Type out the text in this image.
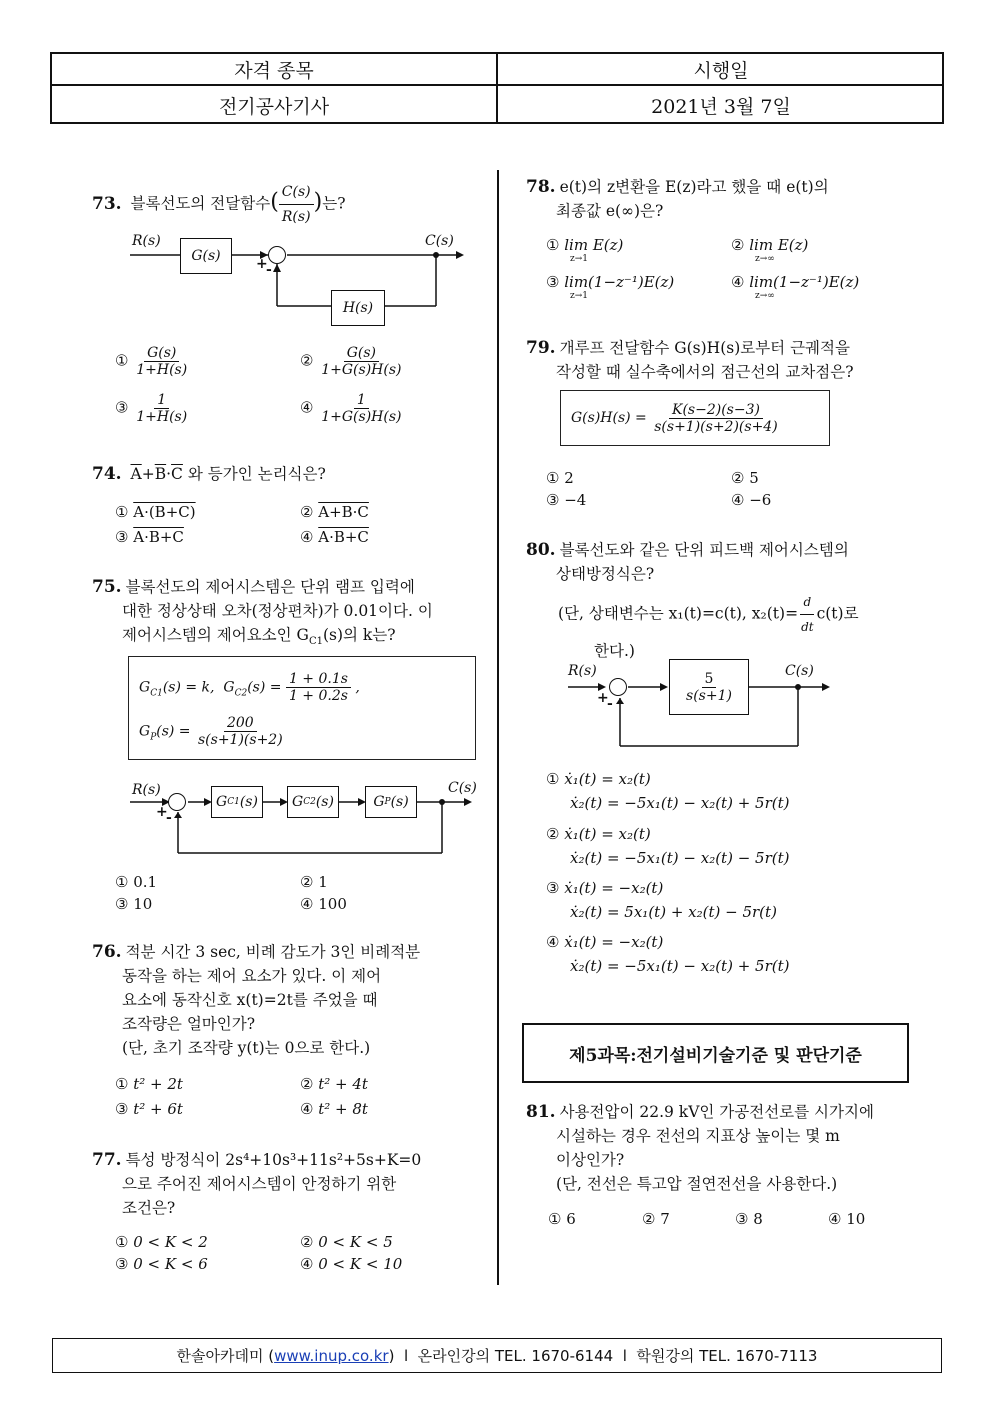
자격 종목	시행일
전기공사기사	2021년 3월 7일
73. 블록선도의 전달함수( $\frac{C(s)}{R(s)}$ )는?
R(s)
G(s)	+
-
H(s)
C(s)
① $\frac{G(s)}{1+H(s)}$	② $\frac{G(s)}{1+G(s)H(s)}$
③ $\frac{1}{1+H(s)}$	④ $\frac{1}{1+G(s)H(s)}$
74. $\overline{A}+\overline{B}\cdot\overline{C}$ 와 등가인 논리식은?
① A·(B+C)	② A+B·C
③ A·B+C	④ A·B+C
75. 블록선도의 제어시스템은 단위 램프 입력에
대한 정상상태 오차(정상편차)가 0.01이다. 이
제어시스템의 제어요소인 $G_{C1}(s)$의 k는?
$G_{C1}(s) = k$,  $G_{C2}(s) = \frac{1 + 0.1s}{1 + 0.2s}$ ,
$G_P(s) = \frac{200}{s(s+1)(s+2)}$
R(s)
+
-
G C1 (s)	G C2 (s)	G P (s)
C(s)
① 0.1	② 1
③ 10	④ 100
76. 적분 시간 3 sec, 비례 감도가 3인 비례적분
동작을 하는 제어 요소가 있다. 이 제어
요소에 동작신호 x(t)=2t를 주었을 때
조작량은 얼마인가?
(단, 초기 조작량 y(t)는 0으로 한다.)
① t² + 2t	② t² + 4t
③ t² + 6t	④ t² + 8t
77. 특성 방정식이 2s⁴+10s³+11s²+5s+K=0
으로 주어진 제어시스템이 안정하기 위한
조건은?
① 0 < K < 2	② 0 < K < 5
③ 0 < K < 6	④ 0 < K < 10
78. e(t)의 z변환을 E(z)라고 했을 때 e(t)의
최종값 e(∞)은?
① lim E(z)
z→1
② lim E(z)
z→∞
③ lim(1−z⁻¹)E(z)
z→1
④ lim(1−z⁻¹)E(z)
z→∞
79. 개루프 전달함수 G(s)H(s)로부터 근궤적을
작성할 때 실수축에서의 점근선의 교차점은?
G(s)H(s) =
$\frac{K(s-2)(s-3)}{s(s+1)(s+2)(s+4)}$
① 2	② 5
③ −4	④ −6
80. 블록선도와 같은 단위 피드백 제어시스템의
상태방정식은?
(단, 상태변수는 x₁(t)=c(t), $x_2(t)= \frac{d}{dt} c(t)$로
한다.)
R(s)
+
-
$\frac{5}{s(s+1)}$	C(s)
① ẋ₁(t) = x₂(t)
ẋ₂(t) = −5x₁(t) − x₂(t) + 5r(t)
② ẋ₁(t) = x₂(t)
ẋ₂(t) = −5x₁(t) − x₂(t) − 5r(t)
③ ẋ₁(t) = −x₂(t)
ẋ₂(t) = 5x₁(t) + x₂(t) − 5r(t)
④ ẋ₁(t) = −x₂(t)
ẋ₂(t) = −5x₁(t) − x₂(t) + 5r(t)
제5과목:전기설비기술기준 및 판단기준
81. 사용전압이 22.9 kV인 가공전선로를 시가지에
시설하는 경우 전선의 지표상 높이는 몇 m
이상인가?
(단, 전선은 특고압 절연전선을 사용한다.)
① 6	② 7	③ 8	④ 10
한솔아카데미 ( www.inup.co.kr )  l  온라인강의 TEL. 1670-6144  l  학원강의 TEL. 1670-7113
